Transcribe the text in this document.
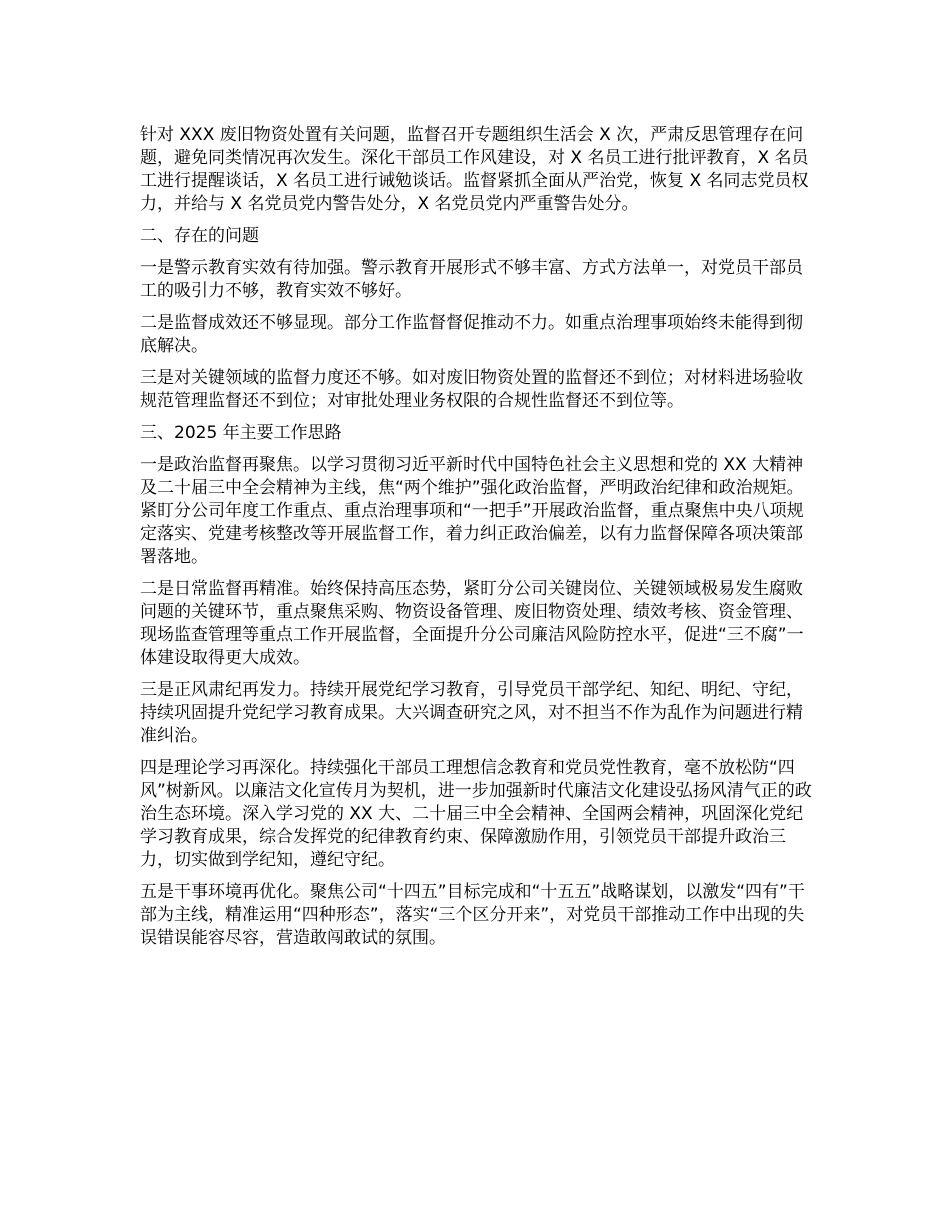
针对 XXX 废旧物资处置有关问题，监督召开专题组织生活会 X 次，严肃反思管理存在问题，避免同类情况再次发生。深化干部员工作风建设，对 X 名员工进行批评教育，X 名员工进行提醒谈话，X 名员工进行诫勉谈话。监督紧抓全面从严治党，恢复 X 名同志党员权力，并给与 X 名党员党内警告处分，X 名党员党内严重警告处分。

二、存在的问题

一是警示教育实效有待加强。警示教育开展形式不够丰富、方式方法单一，对党员干部员工的吸引力不够，教育实效不够好。

二是监督成效还不够显现。部分工作监督督促推动不力。如重点治理事项始终未能得到彻底解决。

三是对关键领域的监督力度还不够。如对废旧物资处置的监督还不到位；对材料进场验收规范管理监督还不到位；对审批处理业务权限的合规性监督还不到位等。

三、2025 年主要工作思路

一是政治监督再聚焦。以学习贯彻习近平新时代中国特色社会主义思想和党的 XX 大精神及二十届三中全会精神为主线，焦“两个维护”强化政治监督，严明政治纪律和政治规矩。紧盯分公司年度工作重点、重点治理事项和“一把手”开展政治监督，重点聚焦中央八项规定落实、党建考核整改等开展监督工作，着力纠正政治偏差，以有力监督保障各项决策部署落地。

二是日常监督再精准。始终保持高压态势，紧盯分公司关键岗位、关键领域极易发生腐败问题的关键环节，重点聚焦采购、物资设备管理、废旧物资处理、绩效考核、资金管理、现场监查管理等重点工作开展监督，全面提升分公司廉洁风险防控水平，促进“三不腐”一体建设取得更大成效。

三是正风肃纪再发力。持续开展党纪学习教育，引导党员干部学纪、知纪、明纪、守纪，持续巩固提升党纪学习教育成果。大兴调查研究之风，对不担当不作为乱作为问题进行精准纠治。

四是理论学习再深化。持续强化干部员工理想信念教育和党员党性教育，毫不放松防“四风”树新风。以廉洁文化宣传月为契机，进一步加强新时代廉洁文化建设弘扬风清气正的政治生态环境。深入学习党的 XX 大、二十届三中全会精神、全国两会精神，巩固深化党纪学习教育成果，综合发挥党的纪律教育约束、保障激励作用，引领党员干部提升政治三力，切实做到学纪知，遵纪守纪。

五是干事环境再优化。聚焦公司“十四五”目标完成和“十五五”战略谋划，以激发“四有”干部为主线，精准运用“四种形态”，落实“三个区分开来”，对党员干部推动工作中出现的失误错误能容尽容，营造敢闯敢试的氛围。
